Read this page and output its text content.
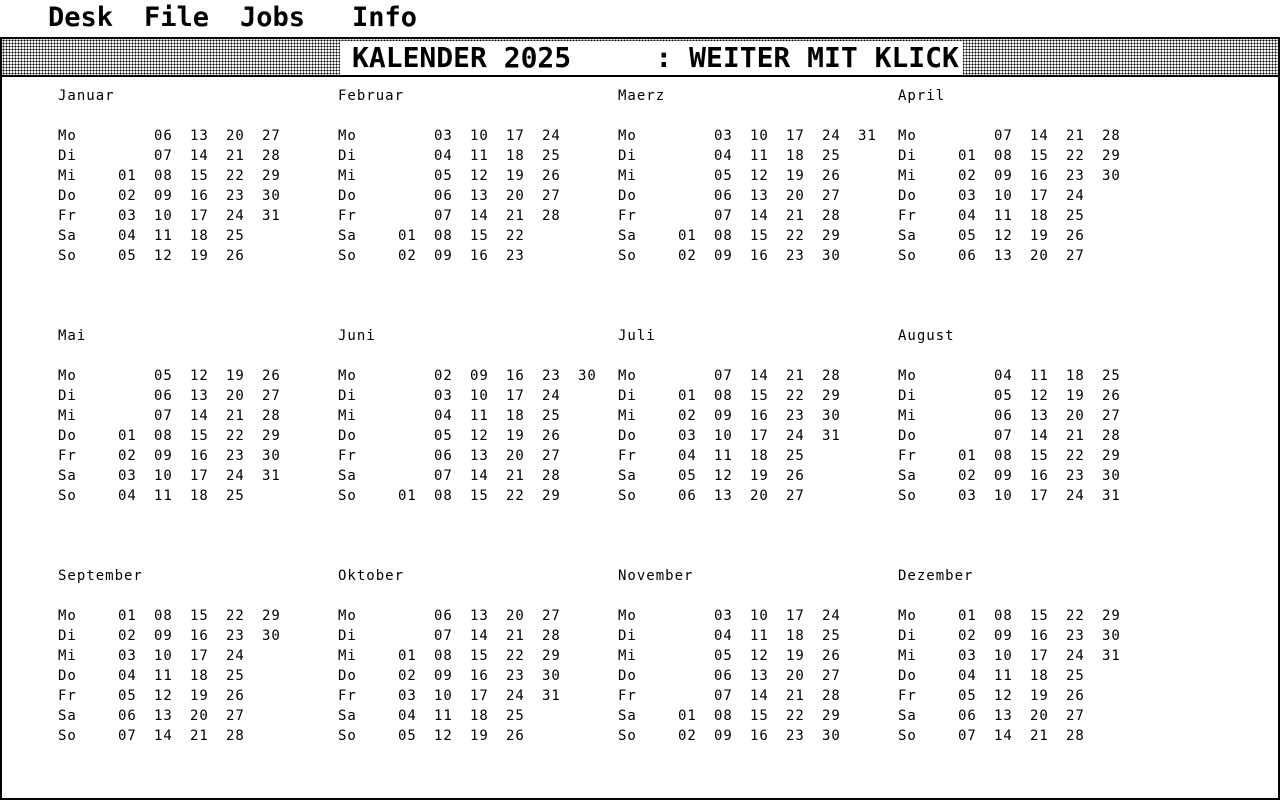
Desk File Jobs Info
KALENDER 2025     : WEITER MIT KLICK
Januar
Mo
Di
Mi
Do
Fr
Sa
So
01
02
03
04
05
06
07
08
09
10
11
12
13
14
15
16
17
18
19
20
21
22
23
24
25
26
27
28
29
30
31
Februar
Mo
Di
Mi
Do
Fr
Sa
So
01
02
03
04
05
06
07
08
09
10
11
12
13
14
15
16
17
18
19
20
21
22
23
24
25
26
27
28
Maerz
Mo
Di
Mi
Do
Fr
Sa
So
01
02
03
04
05
06
07
08
09
10
11
12
13
14
15
16
17
18
19
20
21
22
23
24
25
26
27
28
29
30
31
April
Mo
Di
Mi
Do
Fr
Sa
So
01
02
03
04
05
06
07
08
09
10
11
12
13
14
15
16
17
18
19
20
21
22
23
24
25
26
27
28
29
30
Mai
Mo
Di
Mi
Do
Fr
Sa
So
01
02
03
04
05
06
07
08
09
10
11
12
13
14
15
16
17
18
19
20
21
22
23
24
25
26
27
28
29
30
31
Juni
Mo
Di
Mi
Do
Fr
Sa
So	01
02
03
04
05
06
07
08
09
10
11
12
13
14
15
16
17
18
19
20
21
22
23
24
25
26
27
28
29
30
Juli
Mo
Di
Mi
Do
Fr
Sa
So
01
02
03
04
05
06
07
08
09
10
11
12
13
14
15
16
17
18
19
20
21
22
23
24
25
26
27
28
29
30
31
August
Mo
Di
Mi
Do
Fr
Sa
So
01
02
03
04
05
06
07
08
09
10
11
12
13
14
15
16
17
18
19
20
21
22
23
24
25
26
27
28
29
30
31
September
Mo
Di
Mi
Do
Fr
Sa
So
01
02
03
04
05
06
07
08
09
10
11
12
13
14
15
16
17
18
19
20
21
22
23
24
25
26
27
28
29
30
Oktober
Mo
Di
Mi
Do
Fr
Sa
So
01
02
03
04
05
06
07
08
09
10
11
12
13
14
15
16
17
18
19
20
21
22
23
24
25
26
27
28
29
30
31
November
Mo
Di
Mi
Do
Fr
Sa
So
01
02
03
04
05
06
07
08
09
10
11
12
13
14
15
16
17
18
19
20
21
22
23
24
25
26
27
28
29
30
Dezember
Mo
Di
Mi
Do
Fr
Sa
So
01
02
03
04
05
06
07
08
09
10
11
12
13
14
15
16
17
18
19
20
21
22
23
24
25
26
27
28
29
30
31
